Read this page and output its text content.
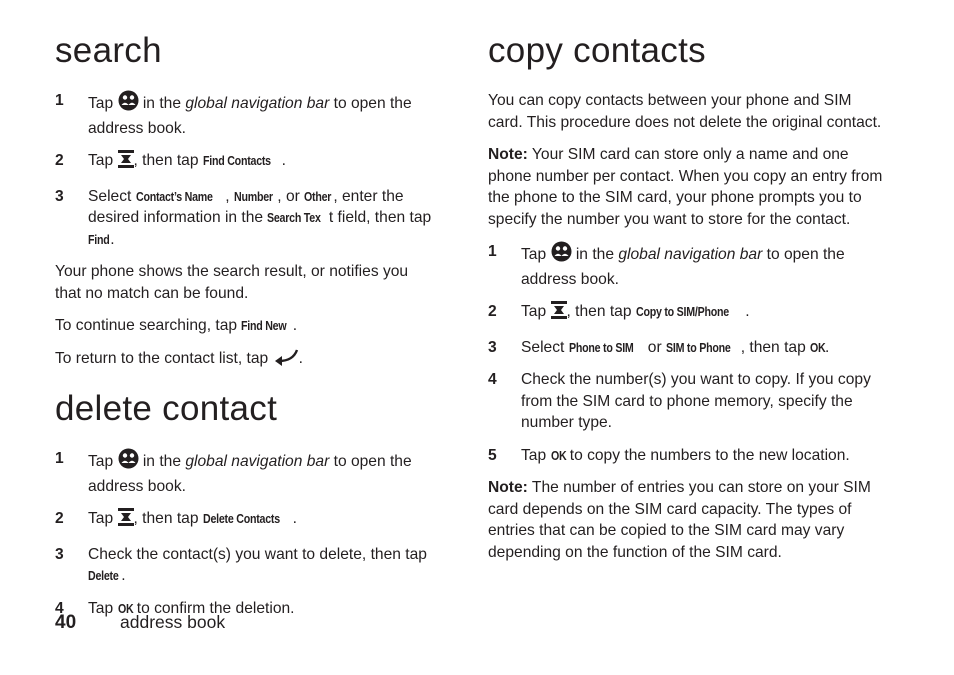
search
1 Tap in the global navigation bar to open the address book.
2 Tap , then tap Find Contacts .
3 Select Contact’s Name , Number , or Other , enter the desired information in the Search Tex t field, then tap Find.

Your phone shows the search result, or notifies you that no match can be found.

To continue searching, tap Find New .

To return to the contact list, tap .

delete contact
1 Tap in the global navigation bar to open the address book.
2 Tap , then tap Delete Contacts .
3 Check the contact(s) you want to delete, then tap Delete .
4 Tap OK to confirm the deletion.
copy contacts

You can copy contacts between your phone and SIM card. This procedure does not delete the original contact.

Note: Your SIM card can store only a name and one phone number per contact. When you copy an entry from the phone to the SIM card, your phone prompts you to specify the number you want to store for the contact.

1 Tap in the global navigation bar to open the address book.
2 Tap , then tap Copy to SIM/Phone .
3 Select Phone to SIM or SIM to Phone , then tap OK.
4 Check the number(s) you want to copy. If you copy from the SIM card to phone memory, specify the number type.
5 Tap OK to copy the numbers to the new location.

Note: The number of entries you can store on your SIM card depends on the SIM card capacity. The types of entries that can be copied to the SIM card may vary depending on the function of the SIM card.

40	address book
